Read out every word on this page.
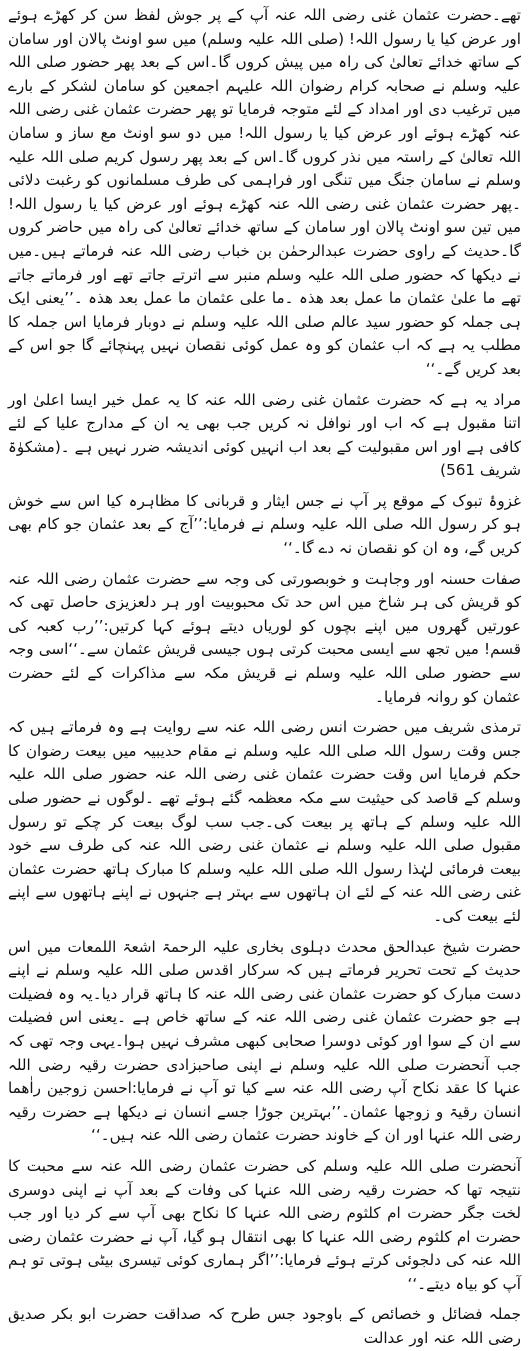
تھے۔حضرت عثمان غنی رضی اللہ عنہ آپ کے پر جوش لفظ سن کر کھڑے ہوئے اور عرض کیا یا رسول اللہ! (صلی اللہ علیہ وسلم) میں سو اونٹ پالان اور سامان کے ساتھ خدائے تعالیٰ کی راہ میں پیش کروں گا۔اس کے بعد پھر حضور صلی اللہ علیہ وسلم نے صحابہ کرام رضوان اللہ علیہم اجمعین کو سامان لشکر کے بارے میں ترغیب دی اور امداد کے لئے متوجہ فرمایا تو پھر حضرت عثمان غنی رضی اللہ عنہ کھڑے ہوئے اور عرض کیا یا رسول اللہ! میں دو سو اونٹ مع ساز و سامان اللہ تعالیٰ کے راستہ میں نذر کروں گا۔اس کے بعد پھر رسول کریم صلی اللہ علیہ وسلم نے سامان جنگ میں تنگی اور فراہمی کی طرف مسلمانوں کو رغبت دلائی ۔پھر حضرت عثمان غنی رضی اللہ عنہ کھڑے ہوئے اور عرض کیا یا رسول اللہ! میں تین سو اونٹ پالان اور سامان کے ساتھ خدائے تعالیٰ کی راہ میں حاضر کروں گا۔حدیث کے راوی حضرت عبدالرحمٰن بن خباب رضی اللہ عنہ فرماتے ہیں۔میں نے دیکھا کہ حضور صلی اللہ علیہ وسلم منبر سے اترتے جاتے تھے اور فرماتے جاتے تھے ما علیٰ عثمان ما عمل بعد ھذہ ۔ما علی عثمان ما عمل بعد ھذہ ۔’’یعنی ایک ہی جملہ کو حضور سید عالم صلی اللہ علیہ وسلم نے دوبار فرمایا اس جملہ کا مطلب یہ ہے کہ اب عثمان کو وہ عمل کوئی نقصان نہیں پہنچائے گا جو اس کے بعد کریں گے۔‘‘

مراد یہ ہے کہ حضرت عثمان غنی رضی اللہ عنہ کا یہ عمل خیر ایسا اعلیٰ اور اتنا مقبول ہے کہ اب اور نوافل نہ کریں جب بھی یہ ان کے مدارج علیا کے لئے کافی ہے اور اس مقبولیت کے بعد اب انہیں کوئی اندیشہ ضرر نہیں ہے ۔(مشکوٰۃ شریف 561)

غزوۂ تبوک کے موقع پر آپ نے جس ایثار و قربانی کا مظاہرہ کیا اس سے خوش ہو کر رسول اللہ صلی اللہ علیہ وسلم نے فرمایا:’’آج کے بعد عثمان جو کام بھی کریں گے، وہ ان کو نقصان نہ دے گا۔‘‘

صفات حسنہ اور وجاہت و خوبصورتی کی وجہ سے حضرت عثمان رضی اللہ عنہ کو قریش کی ہر شاخ میں اس حد تک محبوبیت اور ہر دلعزیزی حاصل تھی کہ عورتیں گھروں میں اپنے بچوں کو لوریاں دیتے ہوئے کہا کرتیں:’’رب کعبہ کی قسم! میں تجھ سے ایسی محبت کرتی ہوں جیسی قریش عثمان سے۔‘‘اسی وجہ سے حضور صلی اللہ علیہ وسلم نے قریش مکہ سے مذاکرات کے لئے حضرت عثمان کو روانہ فرمایا۔

ترمذی شریف میں حضرت انس رضی اللہ عنہ سے روایت ہے وہ فرماتے ہیں کہ جس وقت رسول اللہ صلی اللہ علیہ وسلم نے مقام حدیبیہ میں بیعت رضوان کا حکم فرمایا اس وقت حضرت عثمان غنی رضی اللہ عنہ حضور صلی اللہ علیہ وسلم کے قاصد کی حیثیت سے مکہ معظمہ گئے ہوئے تھے ۔لوگوں نے حضور صلی اللہ علیہ وسلم کے ہاتھ پر بیعت کی۔جب سب لوگ بیعت کر چکے تو رسول مقبول صلی اللہ علیہ وسلم نے عثمان غنی رضی اللہ عنہ کی طرف سے خود بیعت فرمائی لہٰذا رسول اللہ صلی اللہ علیہ وسلم کا مبارک ہاتھ حضرت عثمان غنی رضی اللہ عنہ کے لئے ان ہاتھوں سے بہتر ہے جنہوں نے اپنے ہاتھوں سے اپنے لئے بیعت کی۔

حضرت شیخ عبدالحق محدث دہلوی بخاری علیہ الرحمۃ اشعۃ اللمعات میں اس حدیث کے تحت تحریر فرماتے ہیں کہ سرکار اقدس صلی اللہ علیہ وسلم نے اپنے دست مبارک کو حضرت عثمان غنی رضی اللہ عنہ کا ہاتھ قرار دیا۔یہ وہ فضیلت ہے جو حضرت عثمان غنی رضی اللہ عنہ کے ساتھ خاص ہے ۔یعنی اس فضیلت سے ان کے سوا اور کوئی دوسرا صحابی کبھی مشرف نہیں ہوا۔یہی وجہ تھی کہ جب آنحضرت صلی اللہ علیہ وسلم نے اپنی صاحبزادی حضرت رقیہ رضی اللہ عنہا کا عقد نکاح آپ رضی اللہ عنہ سے کیا تو آپ نے فرمایا:احسن زوجین راٰھما انسان رقیۃ و زوجھا عثمان۔’’بہترین جوڑا جسے انسان نے دیکھا ہے حضرت رقیہ رضی اللہ عنہا اور ان کے خاوند حضرت عثمان رضی اللہ عنہ ہیں۔‘‘

آنحضرت صلی اللہ علیہ وسلم کی حضرت عثمان رضی اللہ عنہ سے محبت کا نتیجہ تھا کہ حضرت رقیہ رضی اللہ عنہا کی وفات کے بعد آپ نے اپنی دوسری لخت جگر حضرت ام کلثوم رضی اللہ عنہا کا نکاح بھی آپ سے کر دیا اور جب حضرت ام کلثوم رضی اللہ عنہا کا بھی انتقال ہو گیا، آپ نے حضرت عثمان رضی اللہ عنہ کی دلجوئی کرتے ہوئے فرمایا:’’اگر ہماری کوئی تیسری بیٹی ہوتی تو ہم آپ کو بیاہ دیتے۔‘‘

جملہ فضائل و خصائص کے باوجود جس طرح کہ صداقت حضرت ابو بکر صدیق رضی اللہ عنہ اور عدالت
